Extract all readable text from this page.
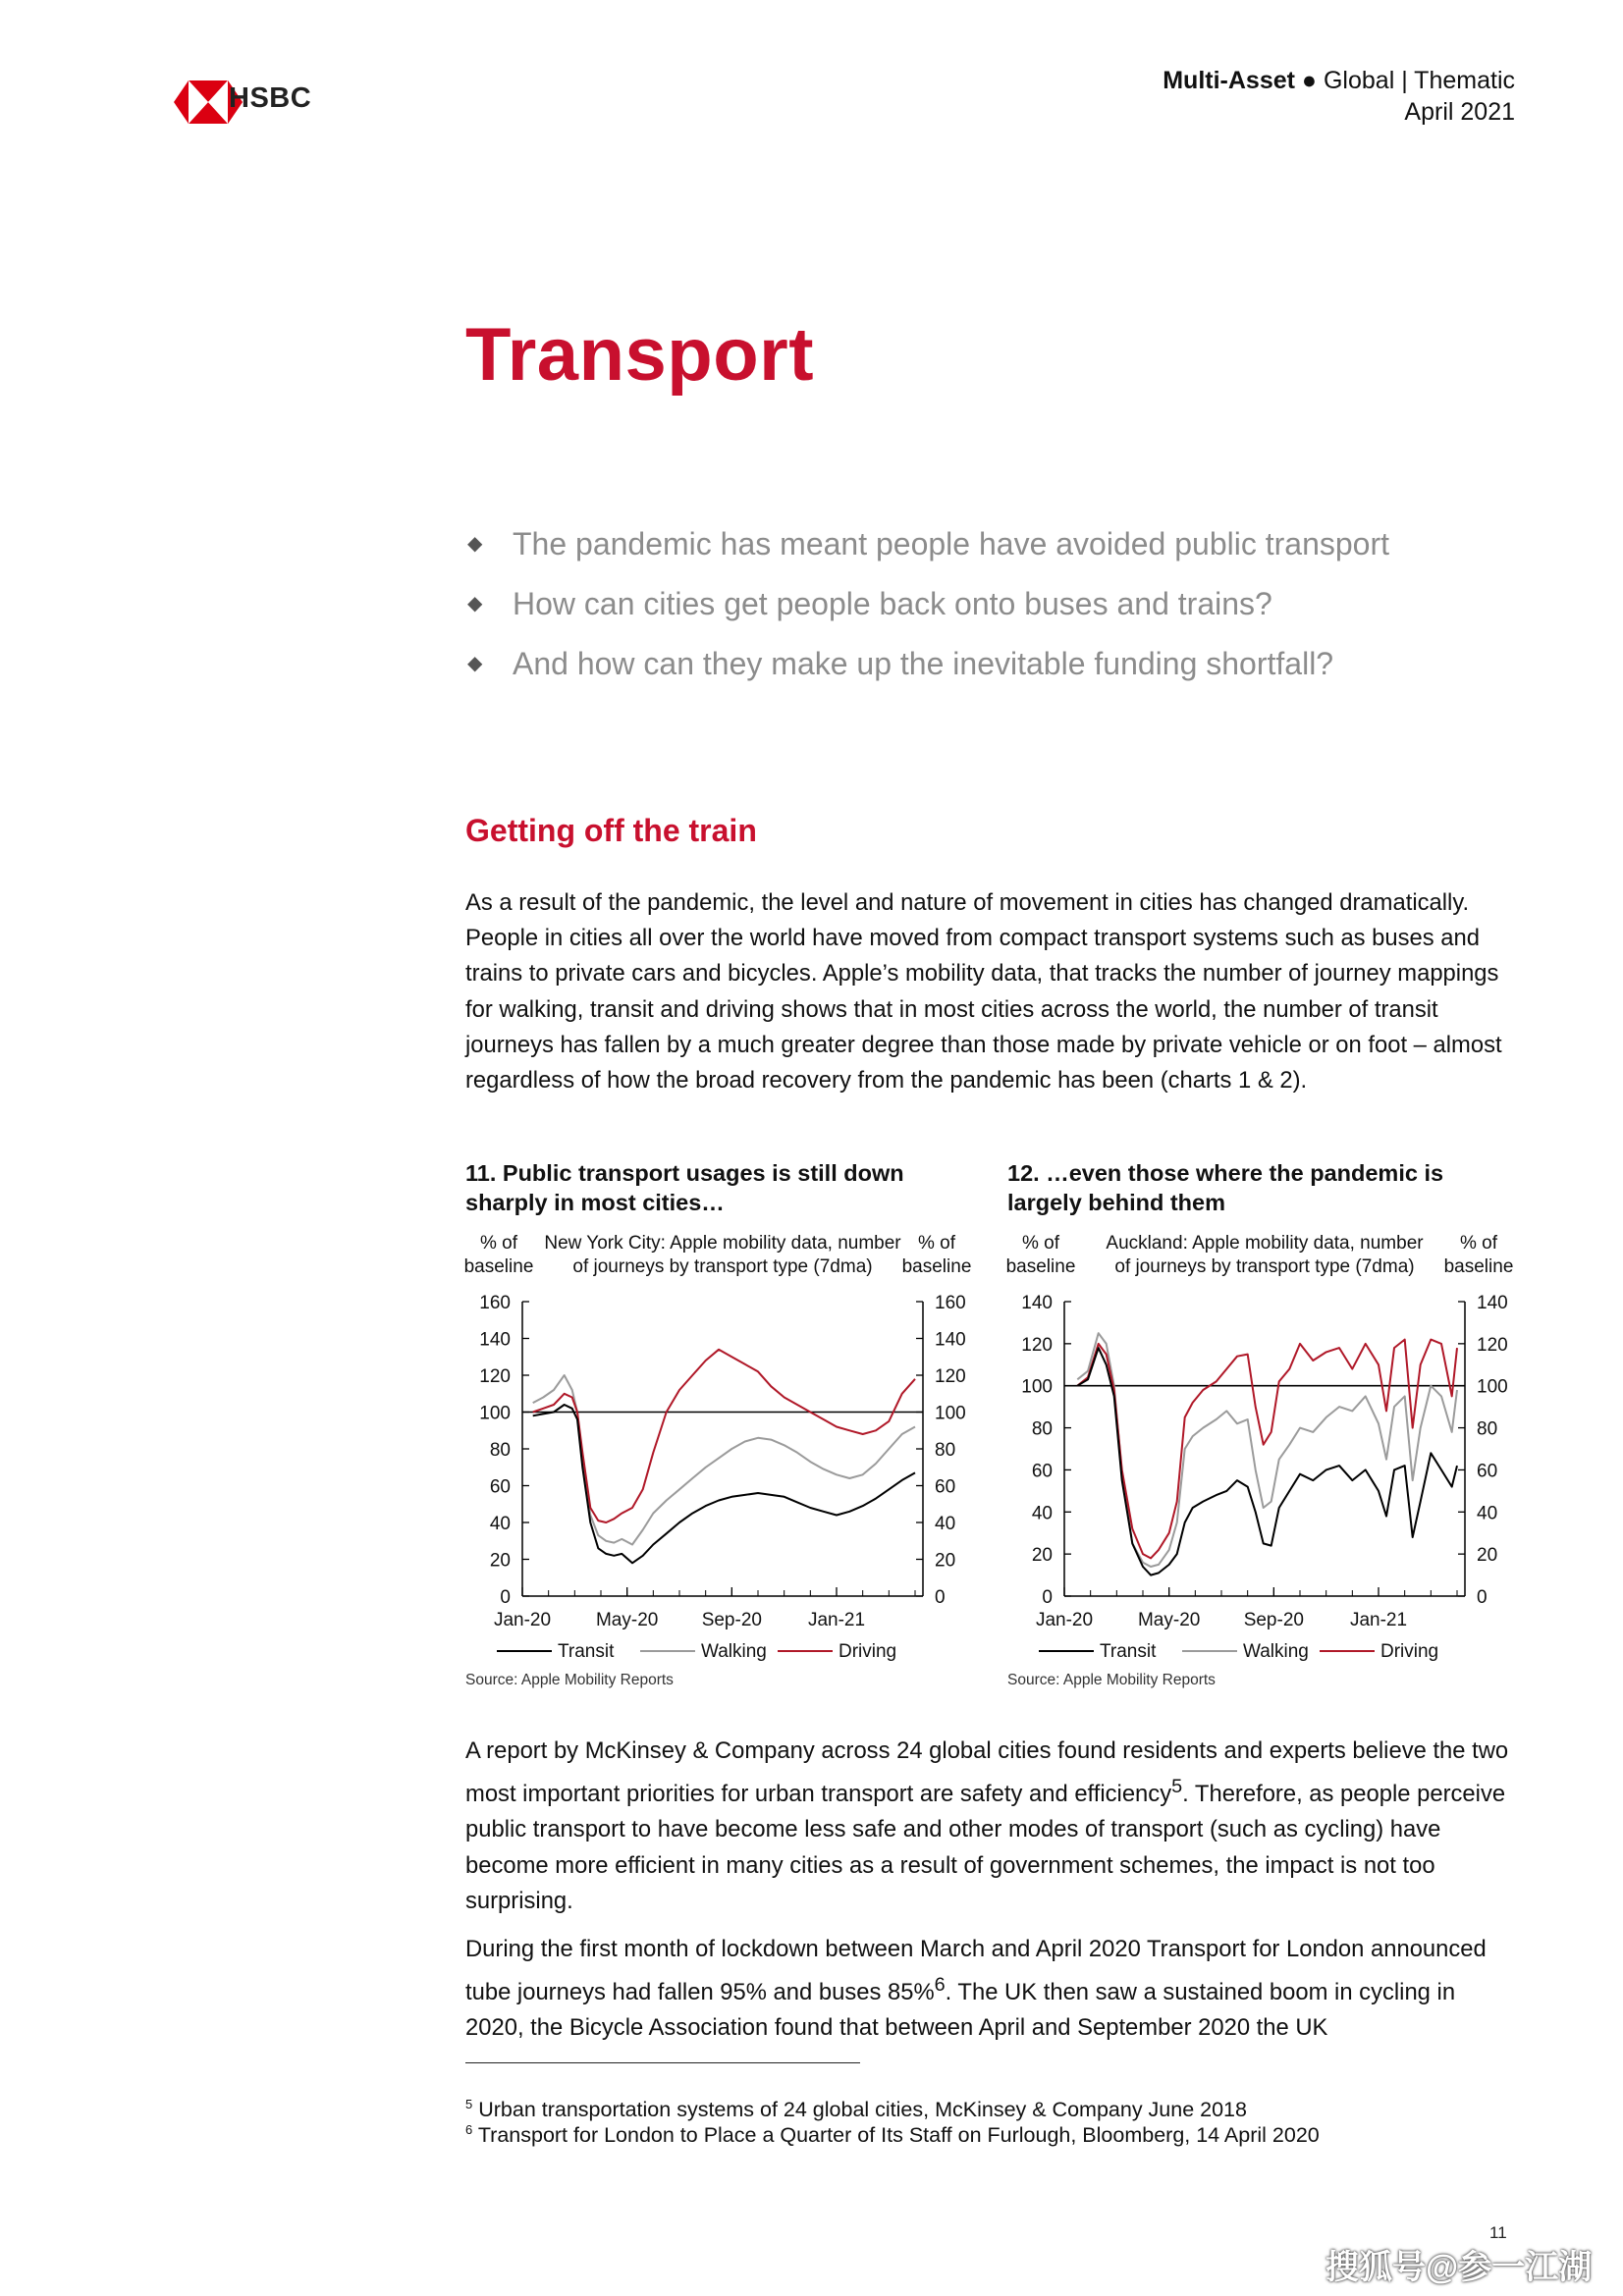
HSBC
Multi-Asset ● Global | Thematic
April 2021
Transport
◆ The pandemic has meant people have avoided public transport
◆ How can cities get people back onto buses and trains?
◆ And how can they make up the inevitable funding shortfall?
Getting off the train

As a result of the pandemic, the level and nature of movement in cities has changed dramatically. People in cities all over the world have moved from compact transport systems such as buses and trains to private cars and bicycles. Apple’s mobility data, that tracks the number of journey mappings for walking, transit and driving shows that in most cities across the world, the number of transit journeys has fallen by a much greater degree than those made by private vehicle or on foot – almost regardless of how the broad recovery from the pandemic has been (charts 1 & 2).

11. Public transport usages is still down sharply in most cities…
% of baseline
% of baseline
New York City: Apple mobility data, number of journeys by transport type (7dma)
0	0
20	20
40	40
60	60
80	80
100	100
120	120
140	140
160	160
Jan-20 May-20 Sep-20 Jan-21
Transit	Walking	Driving
Source: Apple Mobility Reports
12. …even those where the pandemic is largely behind them
% of baseline
% of baseline
Auckland: Apple mobility data, number of journeys by transport type (7dma)
0	0
20	20
40	40
60	60
80	80
100	100
120	120
140	140
Jan-20 May-20 Sep-20 Jan-21
Transit	Walking	Driving
Source: Apple Mobility Reports

A report by McKinsey & Company across 24 global cities found residents and experts believe the two most important priorities for urban transport are safety and efficiency$^5$. Therefore, as people perceive public transport to have become less safe and other modes of transport (such as cycling) have become more efficient in many cities as a result of government schemes, the impact is not too surprising.

During the first month of lockdown between March and April 2020 Transport for London announced tube journeys had fallen 95% and buses 85%$^6$. The UK then saw a sustained boom in cycling in 2020, the Bicycle Association found that between April and September 2020 the UK

$^5$ Urban transportation systems of 24 global cities, McKinsey & Company June 2018
$^6$ Transport for London to Place a Quarter of Its Staff on Furlough, Bloomberg, 14 April 2020
11
搜狐号@参一江湖
